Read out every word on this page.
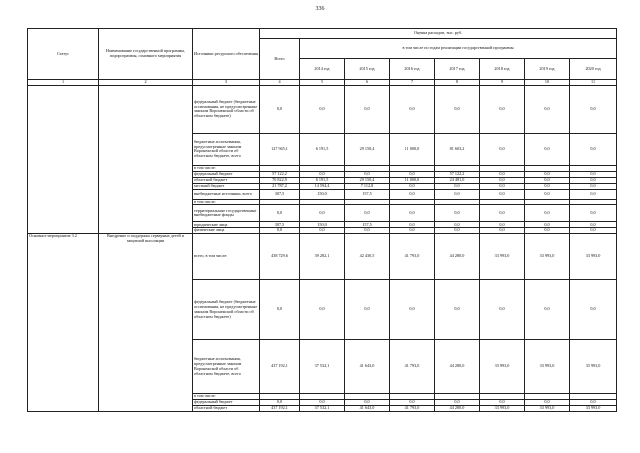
336
Статус	Наименование государственной программы, подпрограммы, основного мероприятия	Источники ресурсного обеспечения	Оценка расходов, тыс. руб.							
			Всего	в том числе по годам реализации государственной программы						
				2014 год	2015 год	2016 год	2017 год	2018 год	2019 год	2020 год
1	2	3	4	5	6	7	8	9	10	11
		федеральный бюджет (бюджетные ассигнования, не предусмотренные законом Воронежской области об областном бюджете)	0,0	0,0	0,0	0,0	0,0	0,0	0,0	0,0
		бюджетные ассигнования, предусмотренные законом Воронежской области об областном бюджете, всего	127 945,1	6 191,5	29 150,4	11 000,0	81 603,2	0,0	0,0	0,0
		в том числе:								
		федеральный бюджет	57 122,2	0,0	0,0	0,0	57 122,2	0,0	0,0	0,0
		областной бюджет	70 822,9	6 191,5	29 150,4	11 000,0	24 481,0	0,0	0,0	0,0
		местный бюджет	21 787,2	14 594,4	7 112,8	0,0	0,0	0,0	0,0	0,0
		внебюджетные источники, всего	307,5	150,0	157,5	0,0	0,0	0,0	0,0	0,0
		в том числе:								
		территориальные государственные внебюджетные фонды	0,0	0,0	0,0	0,0	0,0	0,0	0,0	0,0
		юридические лица	307,5	150,0	157,5	0,0	0,0	0,0	0,0	0,0
		физические лица	0,0	0,0	0,0	0,0	0,0	0,0	0,0	0,0
Основное мероприятие 3.2	Внедрение и поддержка серверных детей и защитной инсоляции	всего, в том числе:	438 729,6	39 282,1	42 430,5	41 793,0	44 280,0	33 993,0	33 993,0	33 993,0
		федеральный бюджет (бюджетные ассигнования, не предусмотренные законом Воронежской области об областном бюджете)	0,0	0,0	0,0	0,0	0,0	0,0	0,0	0,0
		бюджетные ассигнования, предусмотренные законом Воронежской области об областном бюджете, всего	437 192,1	37 532,1	41 643,0	41 793,0	44 280,0	33 993,0	33 993,0	33 993,0
		в том числе:								
		федеральный бюджет	0,0	0,0	0,0	0,0	0,0	0,0	0,0	0,0
		областной бюджет	437 192,1	37 532,1	41 643,0	41 793,0	44 280,0	33 993,0	33 993,0	33 993,0
